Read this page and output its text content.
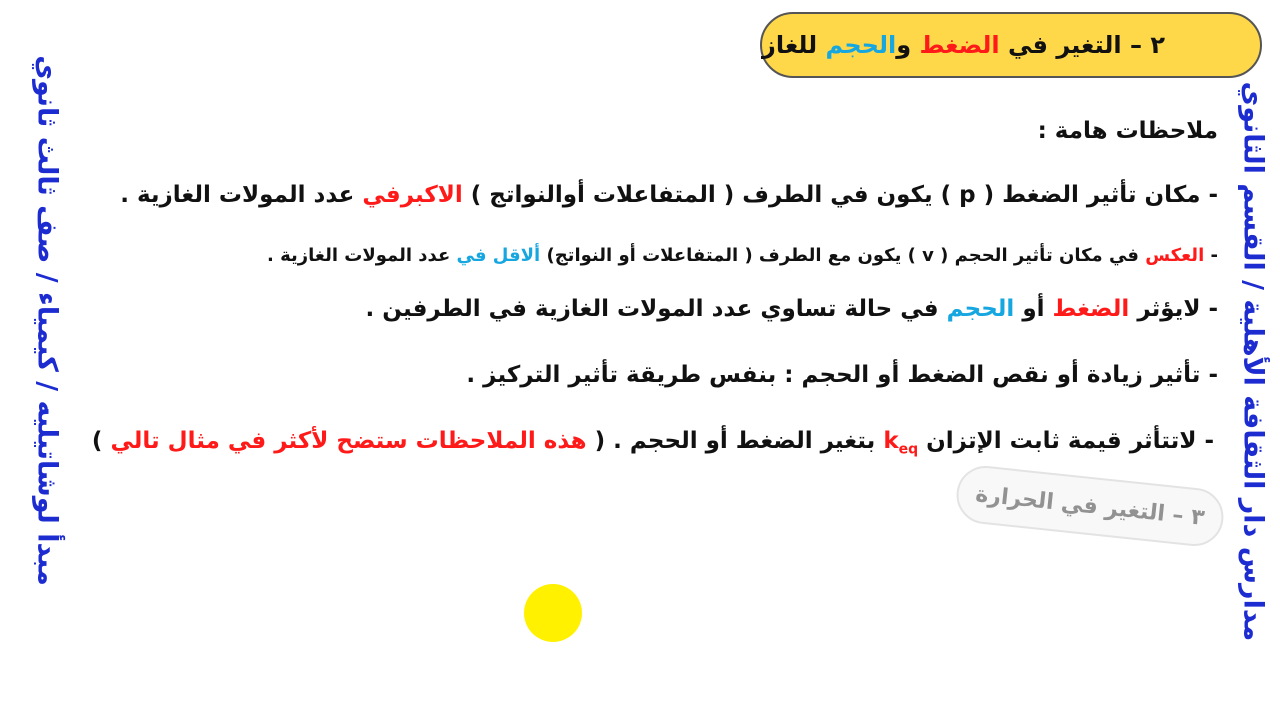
٢ –
التغير في
الضغط
و
الحجم
للغاز
مبدأ لوشاتيليه / كيمياء / صف ثالث ثانوي	مدارس دار الثقافة الأهلية / القسم الثانوي
ملاحظات هامة :
- مكان تأثير الضغط ( p ) يكون في الطرف ( المتفاعلات أوالنواتج ) الاكبرفي عدد المولات الغازية .
- العكس في مكان تأثير الحجم ( v ) يكون مع الطرف ( المتفاعلات أو النواتج) ألاقل في عدد المولات الغازية .
- لايؤثر الضغط أو الحجم في حالة تساوي عدد المولات الغازية في الطرفين .
- تأثير زيادة أو نقص الضغط أو الحجم : بنفس طريقة تأثير التركيز .
- لاتتأثر قيمة ثابت الإتزان $k_{eq}$ بتغير الضغط أو الحجم . ( هذه الملاحظات ستضح لأكثر في مثال تالي )
٣ – التغير في الحرارة
